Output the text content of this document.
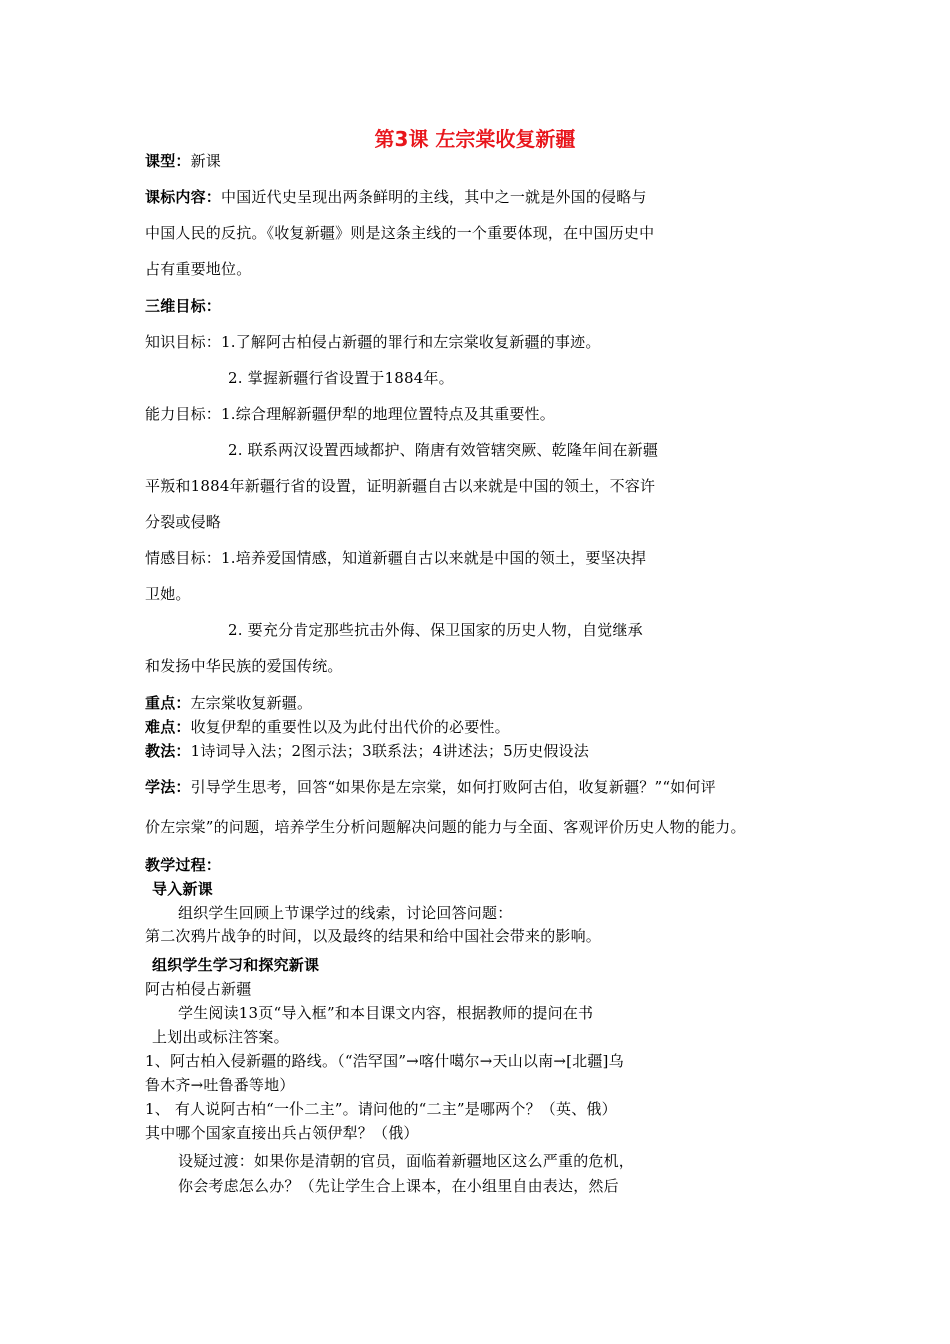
第3课 左宗棠收复新疆
课型：新课
课标内容：中国近代史呈现出两条鲜明的主线，其中之一就是外国的侵略与
中国人民的反抗。《收复新疆》则是这条主线的一个重要体现，在中国历史中
占有重要地位。
三维目标：
知识目标：1.了解阿古柏侵占新疆的罪行和左宗棠收复新疆的事迹。
2. 掌握新疆行省设置于1884年。
能力目标：1.综合理解新疆伊犁的地理位置特点及其重要性。
2. 联系两汉设置西域都护、隋唐有效管辖突厥、乾隆年间在新疆
平叛和1884年新疆行省的设置，证明新疆自古以来就是中国的领土，不容许
分裂或侵略
情感目标：1.培养爱国情感，知道新疆自古以来就是中国的领土，要坚决捍
卫她。
2. 要充分肯定那些抗击外侮、保卫国家的历史人物，自觉继承
和发扬中华民族的爱国传统。
重点：左宗棠收复新疆。
难点：收复伊犁的重要性以及为此付出代价的必要性。
教法：1诗词导入法；2图示法；3联系法；4讲述法；5历史假设法
学法：引导学生思考，回答“如果你是左宗棠，如何打败阿古伯，收复新疆？”“如何评
价左宗棠”的问题，培养学生分析问题解决问题的能力与全面、客观评价历史人物的能力。
教学过程：
导入新课
组织学生回顾上节课学过的线索，讨论回答问题：
第二次鸦片战争的时间，以及最终的结果和给中国社会带来的影响。
组织学生学习和探究新课
阿古柏侵占新疆
学生阅读13页“导入框”和本目课文内容，根据教师的提问在书
上划出或标注答案。
1、阿古柏入侵新疆的路线。（“浩罕国”→喀什噶尔→天山以南→[北疆]乌
鲁木齐→吐鲁番等地）
1、 有人说阿古柏“一仆二主”。请问他的“二主”是哪两个？（英、俄）
其中哪个国家直接出兵占领伊犁？（俄）
设疑过渡：如果你是清朝的官员，面临着新疆地区这么严重的危机，
你会考虑怎么办？（先让学生合上课本，在小组里自由表达，然后
